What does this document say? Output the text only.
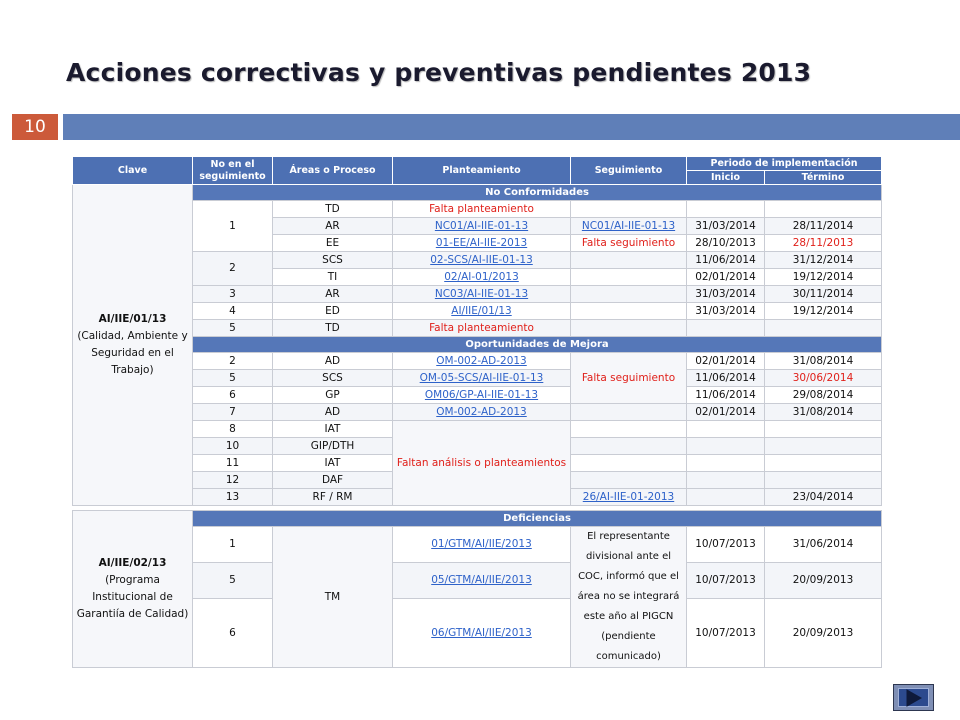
Acciones correctivas y preventivas pendientes 2013
10
Clave	No en el seguimiento	Áreas o Proceso	Planteamiento	Seguimiento	Periodo de implementación		
					Inicio	Término	
AI/IIE/01/13
(Calidad, Ambiente y Seguridad en el Trabajo)	No Conformidades						
	1	TD	Falta planteamiento				
		AR	NC01/AI-IIE-01-13	NC01/AI-IIE-01-13	31/03/2014	28/11/2014	
		EE	01-EE/AI-IIE-2013	Falta seguimiento	28/10/2013	28/11/2013	
	2	SCS	02-SCS/AI-IIE-01-13		11/06/2014	31/12/2014	
		TI	02/AI-01/2013		02/01/2014	19/12/2014	
	3	AR	NC03/AI-IIE-01-13		31/03/2014	30/11/2014	
	4	ED	AI/IIE/01/13		31/03/2014	19/12/2014	
	5	TD	Falta planteamiento				
	Oportunidades de Mejora						
	2	AD	OM-002-AD-2013	Falta seguimiento	02/01/2014	31/08/2014	
	5	SCS	OM-05-SCS/AI-IIE-01-13		11/06/2014	30/06/2014	
	6	GP	OM06/GP-AI-IIE-01-13		11/06/2014	29/08/2014	
	7	AD	OM-002-AD-2013		02/01/2014	31/08/2014	
	8	IAT	Faltan análisis o planteamientos				
	10	GIP/DTH					
	11	IAT					
	12	DAF					
	13	RF / RM		26/AI-IIE-01-2013		23/04/2014	
AI/IIE/02/13
(Programa Institucional de Garantiía de Calidad)	Deficiencias					
	1	TM	01/GTM/AI/IIE/2013	El representante divisional ante el COC, informó que el área no se integrará este año al PIGCN (pendiente comunicado)	10/07/2013	31/06/2014
	5		05/GTM/AI/IIE/2013		10/07/2013	20/09/2013
	6		06/GTM/AI/IIE/2013		10/07/2013	20/09/2013
